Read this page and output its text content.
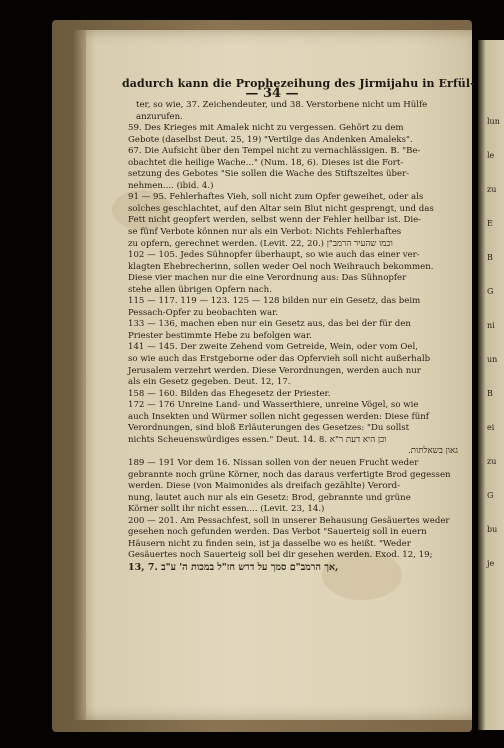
— 34 —
dadurch kann die Prophezeihung des Jirmijahu in Erfül-

ter, so wie, 37. Zeichendeuter, und 38. Verstorbene nicht um Hülfe

anzurufen.

59. Des Krieges mit Amalek nicht zu vergessen. Gehört zu dem

Gebote (daselbst Deut. 25, 19) "Vertilge das Andenken Amaleks".

67. Die Aufsicht über den Tempel nicht zu vernachlässigen. B. "Be-

obachtet die heilige Wache..." (Num. 18, 6). Dieses ist die Fort-

setzung des Gebotes "Sie sollen die Wache des Stiftszeltes über-

nehmen.... (ibid. 4.)

91 — 95. Fehlerhaftes Vieh, soll nicht zum Opfer geweihet, oder als

solches geschlachtet, auf den Altar sein Blut nicht gesprengt, und das

Fett nicht geopfert werden, selbst wenn der Fehler heilbar ist. Die-

se fünf Verbote können nur als ein Verbot: Nichts Fehlerhaftes

zu opfern, gerechnet werden. (Levit. 22, 20.) וכמו שהעיר הרמב"ן

102 — 105. Jedes Sühnopfer überhaupt, so wie auch das einer ver-

klagten Ehebrecherinn, sollen weder Oel noch Weihrauch bekommen.

Diese vier machen nur die eine Verordnung aus: Das Sühnopfer

stehe allen übrigen Opfern nach.

115 — 117. 119 — 123. 125 — 128 bilden nur ein Gesetz, das beim

Pessach-Opfer zu beobachten war.

133 — 136, machen eben nur ein Gesetz aus, das bei der für den

Priester bestimmte Hebe zu befolgen war.

141 — 145. Der zweite Zehend vom Getreide, Wein, oder vom Oel,

so wie auch das Erstgeborne oder das Opfervieh soll nicht außerhalb

Jerusalem verzehrt werden. Diese Verordnungen, werden auch nur

als ein Gesetz gegeben. Deut. 12, 17.

158 — 160. Bilden das Ehegesetz der Priester.

172 — 176 Unreine Land- und Wasserthiere, unreine Vögel, so wie

auch Insekten und Würmer sollen nicht gegessen werden: Diese fünf

Verordnungen, sind bloß Erläuterungen des Gesetzes: "Du sollst

nichts Scheuenswürdiges essen." Deut. 14. 8. וכן היא דעת ר"א

גאון בשאלתות.

189 — 191 Vor dem 16. Nissan sollen von der neuen Frucht weder

gebrannte noch grüne Körner, noch das daraus verfertigte Brod gegessen

werden. Diese (von Maimonides als dreifach gezählte) Verord-

nung, lautet auch nur als ein Gesetz: Brod, gebrannte und grüne

Körner sollt ihr nicht essen.... (Levit. 23, 14.)

200 — 201. Am Pessachfest, soll in unserer Behausung Gesäuertes weder

gesehen noch gefunden werden. Das Verbot "Sauerteig soll in euern

Häusern nicht zu finden sein, ist ja dasselbe wo es heißt. "Weder

Gesäuertes noch Sauerteig soll bei dir gesehen werden. Exod. 12, 19;

13, 7. אך הרמב"ם סמך על דרש חז"ל במכות ה' ע"ב,

lun
le
zu
E
B
G
ni
un
B
ei
zu
G
bu
je
